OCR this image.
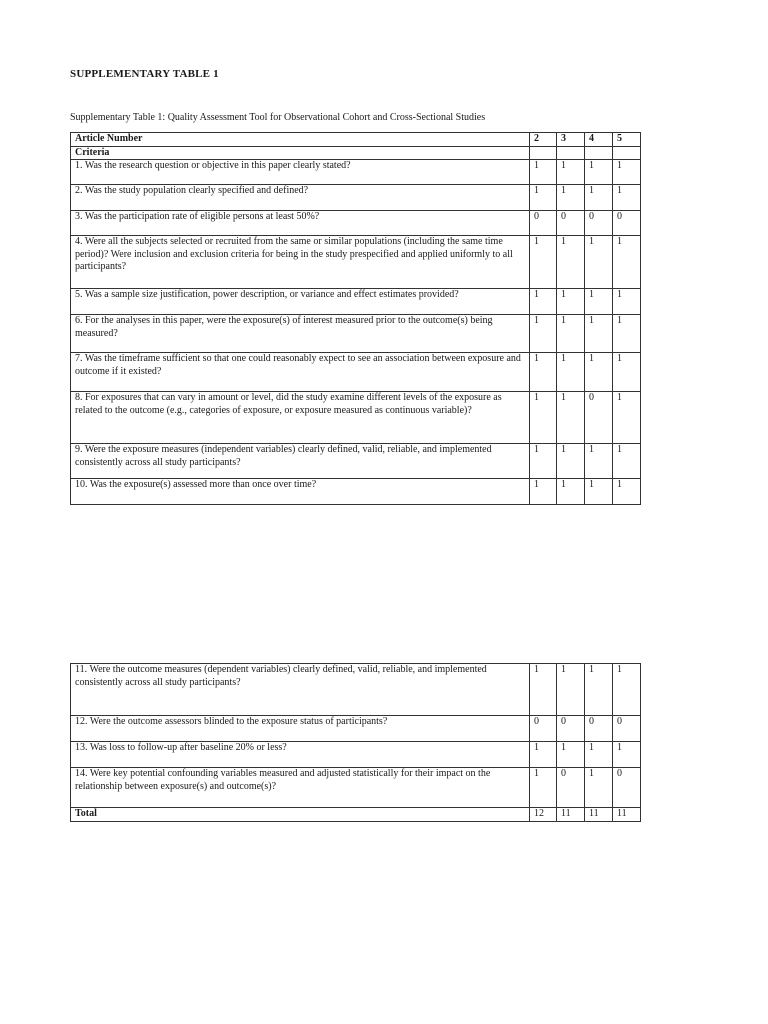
SUPPLEMENTARY TABLE 1
Supplementary Table 1: Quality Assessment Tool for Observational Cohort and Cross-Sectional Studies
Article Number	2	3	4	5
Criteria				
1. Was the research question or objective in this paper clearly stated?	1	1	1	1
2. Was the study population clearly specified and defined?	1	1	1	1
3. Was the participation rate of eligible persons at least 50%?	0	0	0	0
4. Were all the subjects selected or recruited from the same or similar populations (including the same time period)? Were inclusion and exclusion criteria for being in the study prespecified and applied uniformly to all participants?	1	1	1	1
5. Was a sample size justification, power description, or variance and effect estimates provided?	1	1	1	1
6. For the analyses in this paper, were the exposure(s) of interest measured prior to the outcome(s) being measured?	1	1	1	1
7. Was the timeframe sufficient so that one could reasonably expect to see an association between exposure and outcome if it existed?	1	1	1	1
8. For exposures that can vary in amount or level, did the study examine different levels of the exposure as related to the outcome (e.g., categories of exposure, or exposure measured as continuous variable)?	1	1	0	1
9. Were the exposure measures (independent variables) clearly defined, valid, reliable, and implemented consistently across all study participants?	1	1	1	1
10. Was the exposure(s) assessed more than once over time?	1	1	1	1
11. Were the outcome measures (dependent variables) clearly defined, valid, reliable, and implemented consistently across all study participants?	1	1	1	1
12. Were the outcome assessors blinded to the exposure status of participants?	0	0	0	0
13. Was loss to follow-up after baseline 20% or less?	1	1	1	1
14. Were key potential confounding variables measured and adjusted statistically for their impact on the relationship between exposure(s) and outcome(s)?	1	0	1	0
Total	12	11	11	11
